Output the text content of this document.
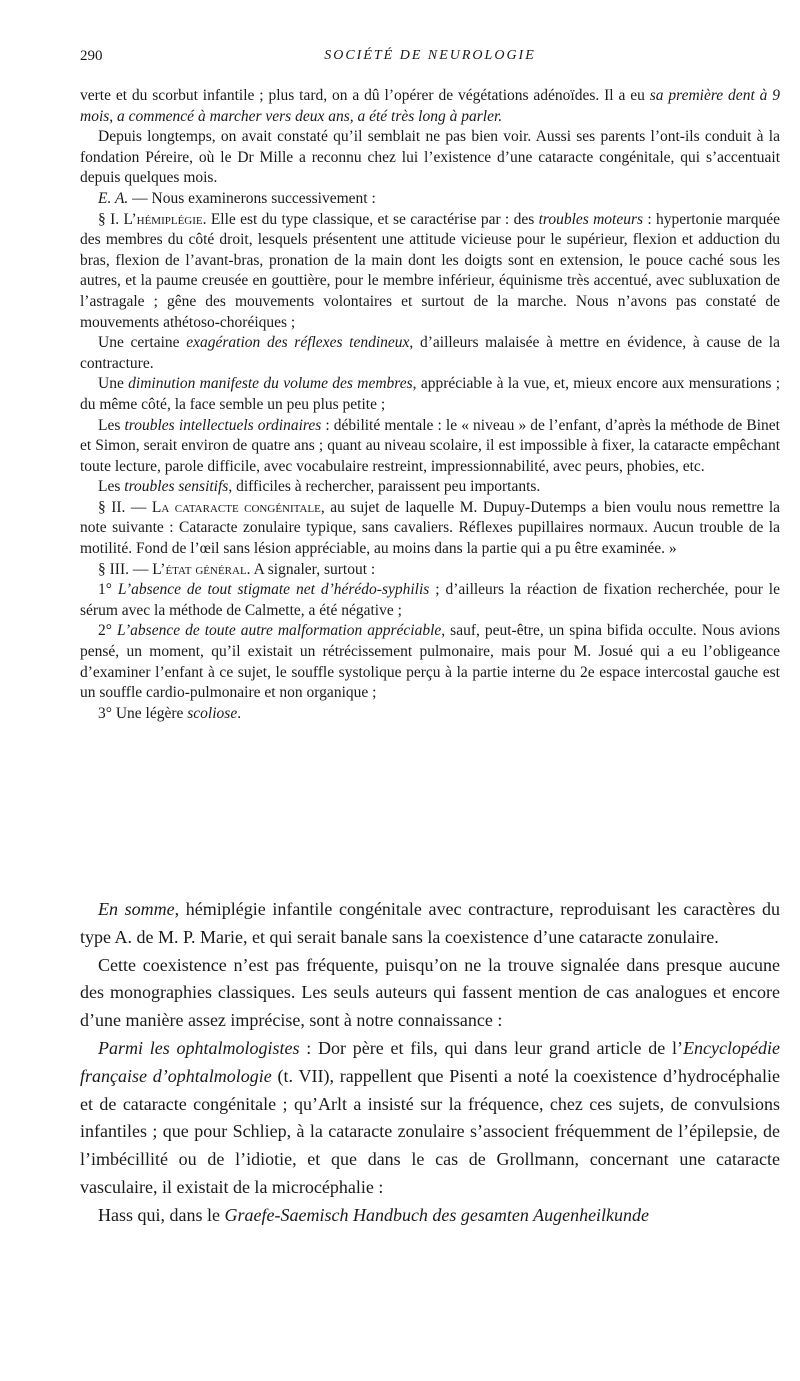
290	SOCIÉTÉ DE NEUROLOGIE

verte et du scorbut infantile ; plus tard, on a dû l’opérer de végétations adénoïdes. Il a eu sa première dent à 9 mois, a commencé à marcher vers deux ans, a été très long à parler.

Depuis longtemps, on avait constaté qu’il semblait ne pas bien voir. Aussi ses parents l’ont-ils conduit à la fondation Péreire, où le Dr Mille a reconnu chez lui l’existence d’une cataracte congénitale, qui s’accentuait depuis quelques mois.

E. A. — Nous examinerons successivement :

§ I. L’hémiplégie. Elle est du type classique, et se caractérise par : des troubles moteurs : hypertonie marquée des membres du côté droit, lesquels présentent une attitude vicieuse pour le supérieur, flexion et adduction du bras, flexion de l’avant-bras, pronation de la main dont les doigts sont en extension, le pouce caché sous les autres, et la paume creusée en gouttière, pour le membre inférieur, équinisme très accentué, avec subluxation de l’astragale ; gêne des mouvements volontaires et surtout de la marche. Nous n’avons pas constaté de mouvements athétoso-choréiques ;

Une certaine exagération des réflexes tendineux, d’ailleurs malaisée à mettre en évidence, à cause de la contracture.

Une diminution manifeste du volume des membres, appréciable à la vue, et, mieux encore aux mensurations ; du même côté, la face semble un peu plus petite ;

Les troubles intellectuels ordinaires : débilité mentale : le « niveau » de l’enfant, d’après la méthode de Binet et Simon, serait environ de quatre ans ; quant au niveau scolaire, il est impossible à fixer, la cataracte empêchant toute lecture, parole difficile, avec vocabulaire restreint, impressionnabilité, avec peurs, phobies, etc.

Les troubles sensitifs, difficiles à rechercher, paraissent peu importants.

§ II. — La cataracte congénitale, au sujet de laquelle M. Dupuy-Dutemps a bien voulu nous remettre la note suivante : Cataracte zonulaire typique, sans cavaliers. Réflexes pupillaires normaux. Aucun trouble de la motilité. Fond de l’œil sans lésion appréciable, au moins dans la partie qui a pu être examinée. »

§ III. — L’état général. A signaler, surtout :

1° L’absence de tout stigmate net d’hérédo-syphilis ; d’ailleurs la réaction de fixation recherchée, pour le sérum avec la méthode de Calmette, a été négative ;

2° L’absence de toute autre malformation appréciable, sauf, peut-être, un spina bifida occulte. Nous avions pensé, un moment, qu’il existait un rétrécissement pulmonaire, mais pour M. Josué qui a eu l’obligeance d’examiner l’enfant à ce sujet, le souffle systolique perçu à la partie interne du 2e espace intercostal gauche est un souffle cardio-pulmonaire et non organique ;

3° Une légère scoliose.

En somme, hémiplégie infantile congénitale avec contracture, reproduisant les caractères du type A. de M. P. Marie, et qui serait banale sans la coexistence d’une cataracte zonulaire.

Cette coexistence n’est pas fréquente, puisqu’on ne la trouve signalée dans presque aucune des monographies classiques. Les seuls auteurs qui fassent mention de cas analogues et encore d’une manière assez imprécise, sont à notre connaissance :

Parmi les ophtalmologistes : Dor père et fils, qui dans leur grand article de l’Encyclopédie française d’ophtalmologie (t. VII), rappellent que Pisenti a noté la coexistence d’hydrocéphalie et de cataracte congénitale ; qu’Arlt a insisté sur la fréquence, chez ces sujets, de convulsions infantiles ; que pour Schliep, à la cataracte zonulaire s’associent fréquemment de l’épilepsie, de l’imbécillité ou de l’idiotie, et que dans le cas de Grollmann, concernant une cataracte vasculaire, il existait de la microcéphalie :

Hass qui, dans le Graefe-Saemisch Handbuch des gesamten Augenheilkunde
